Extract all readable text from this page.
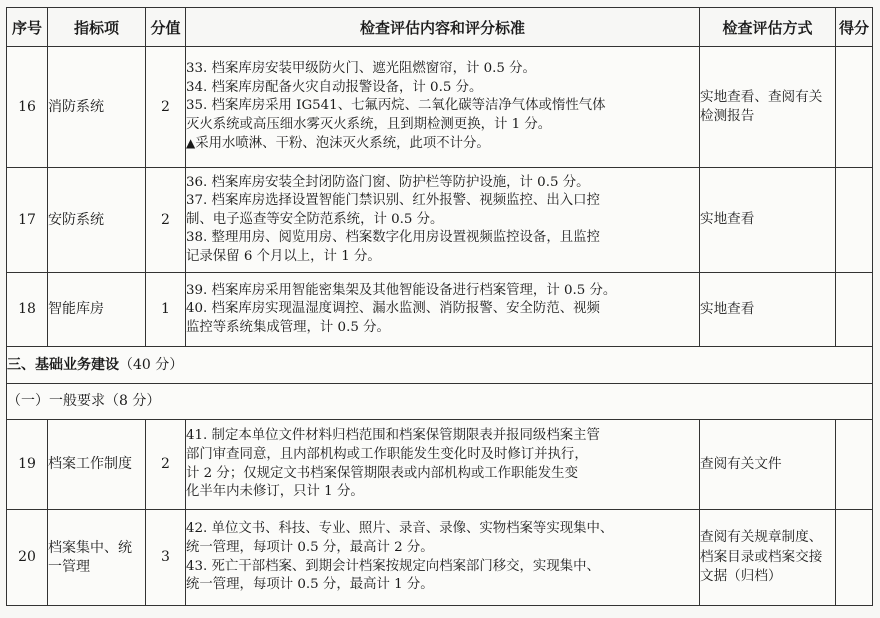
序号	指标项	分值	检查评估内容和评分标准	检查评估方式	得分
16	消防系统	2	33. 档案库房安装甲级防火门、遮光阻燃窗帘，计 0.5 分。
34. 档案库房配备火灾自动报警设备，计 0.5 分。
35. 档案库房采用 IG541、七氟丙烷、二氧化碳等洁净气体或惰性气体
灭火系统或高压细水雾灭火系统，且到期检测更换，计 1 分。
▲采用水喷淋、干粉、泡沫灭火系统，此项不计分。	实地查看、查阅有关检测报告	
17	安防系统	2	36. 档案库房安装全封闭防盗门窗、防护栏等防护设施，计 0.5 分。
37. 档案库房选择设置智能门禁识别、红外报警、视频监控、出入口控
制、电子巡查等安全防范系统，计 0.5 分。
38. 整理用房、阅览用房、档案数字化用房设置视频监控设备，且监控
记录保留 6 个月以上，计 1 分。	实地查看	
18	智能库房	1	39. 档案库房采用智能密集架及其他智能设备进行档案管理，计 0.5 分。
40. 档案库房实现温湿度调控、漏水监测、消防报警、安全防范、视频
监控等系统集成管理，计 0.5 分。	实地查看	
三、基础业务建设（40 分）					
（一）一般要求（8 分）					
19	档案工作制度	2	41. 制定本单位文件材料归档范围和档案保管期限表并报同级档案主管
部门审查同意，且内部机构或工作职能发生变化时及时修订并执行，
计 2 分；仅规定文书档案保管期限表或内部机构或工作职能发生变
化半年内未修订，只计 1 分。	查阅有关文件	
20	档案集中、统一管理	3	42. 单位文书、科技、专业、照片、录音、录像、实物档案等实现集中、
统一管理，每项计 0.5 分，最高计 2 分。
43. 死亡干部档案、到期会计档案按规定向档案部门移交，实现集中、
统一管理，每项计 0.5 分，最高计 1 分。	查阅有关规章制度、档案目录或档案交接文据（归档）	
